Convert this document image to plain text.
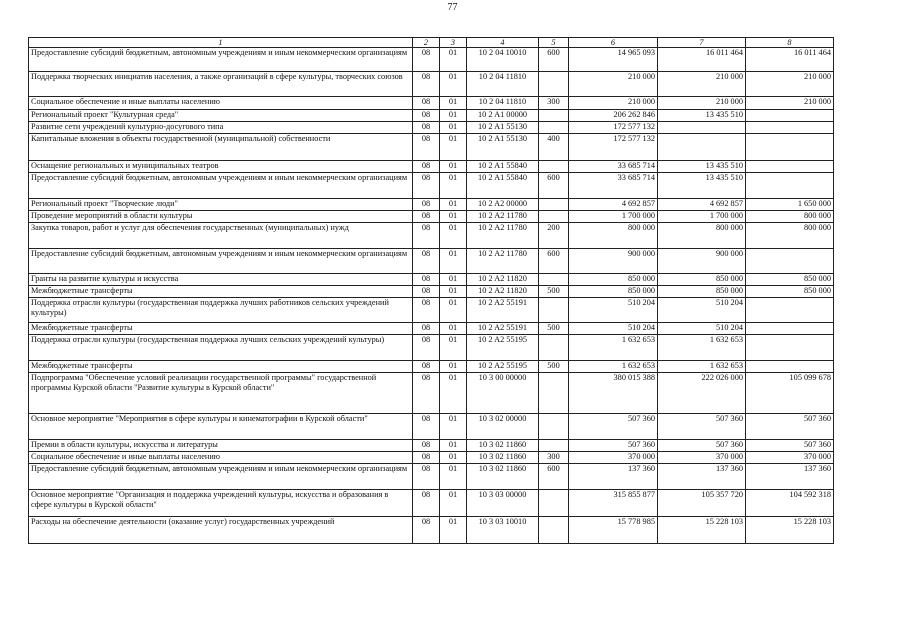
77
1	2	3	4	5	6	7	8
Предоставление субсидий бюджетным, автономным учреждениям и иным некоммерческим организациям	08	01	10 2 04 10010	600	14 965 093	16 011 464	16 011 464
Поддержка творческих инициатив населения, а также организаций в сфере культуры, творческих союзов	08	01	10 2 04 11810		210 000	210 000	210 000
Социальное обеспечение и иные выплаты населению	08	01	10 2 04 11810	300	210 000	210 000	210 000
Региональный проект "Культурная среда"	08	01	10 2 A1 00000		206 262 846	13 435 510	
Развитие сети учреждений культурно-досугового типа	08	01	10 2 A1 55130		172 577 132		
Капитальные вложения в объекты государственной (муниципальной) собственности	08	01	10 2 A1 55130	400	172 577 132		
Оснащение региональных и муниципальных театров	08	01	10 2 A1 55840		33 685 714	13 435 510	
Предоставление субсидий бюджетным, автономным учреждениям и иным некоммерческим организациям	08	01	10 2 A1 55840	600	33 685 714	13 435 510	
Региональный проект "Творческие люди"	08	01	10 2 A2 00000		4 692 857	4 692 857	1 650 000
Проведение мероприятий в области культуры	08	01	10 2 A2 11780		1 700 000	1 700 000	800 000
Закупка товаров, работ и услуг для обеспечения государственных (муниципальных) нужд	08	01	10 2 A2 11780	200	800 000	800 000	800 000
Предоставление субсидий бюджетным, автономным учреждениям и иным некоммерческим организациям	08	01	10 2 A2 11780	600	900 000	900 000	
Гранты на развитие культуры и искусства	08	01	10 2 A2 11820		850 000	850 000	850 000
Межбюджетные трансферты	08	01	10 2 A2 11820	500	850 000	850 000	850 000
Поддержка отрасли культуры (государственная поддержка лучших работников сельских учреждений культуры)	08	01	10 2 A2 55191		510 204	510 204	
Межбюджетные трансферты	08	01	10 2 A2 55191	500	510 204	510 204	
Поддержка отрасли культуры (государственная поддержка лучших сельских учреждений культуры)	08	01	10 2 A2 55195		1 632 653	1 632 653	
Межбюджетные трансферты	08	01	10 2 A2 55195	500	1 632 653	1 632 653	
Подпрограмма "Обеспечение условий реализации государственной программы" государственной программы Курской области "Развитие культуры в Курской области"	08	01	10 3 00 00000		380 015 388	222 026 000	105 099 678
Основное мероприятие "Мероприятия в сфере культуры и кинематографии в Курской области"	08	01	10 3 02 00000		507 360	507 360	507 360
Премии в области культуры, искусства и литературы	08	01	10 3 02 11860		507 360	507 360	507 360
Социальное обеспечение и иные выплаты населению	08	01	10 3 02 11860	300	370 000	370 000	370 000
Предоставление субсидий бюджетным, автономным учреждениям и иным некоммерческим организациям	08	01	10 3 02 11860	600	137 360	137 360	137 360
Основное мероприятие "Организация и поддержка учреждений культуры, искусства и образования в сфере культуры в Курской области"	08	01	10 3 03 00000		315 855 877	105 357 720	104 592 318
Расходы на обеспечение деятельности (оказание услуг) государственных учреждений	08	01	10 3 03 10010		15 778 985	15 228 103	15 228 103
